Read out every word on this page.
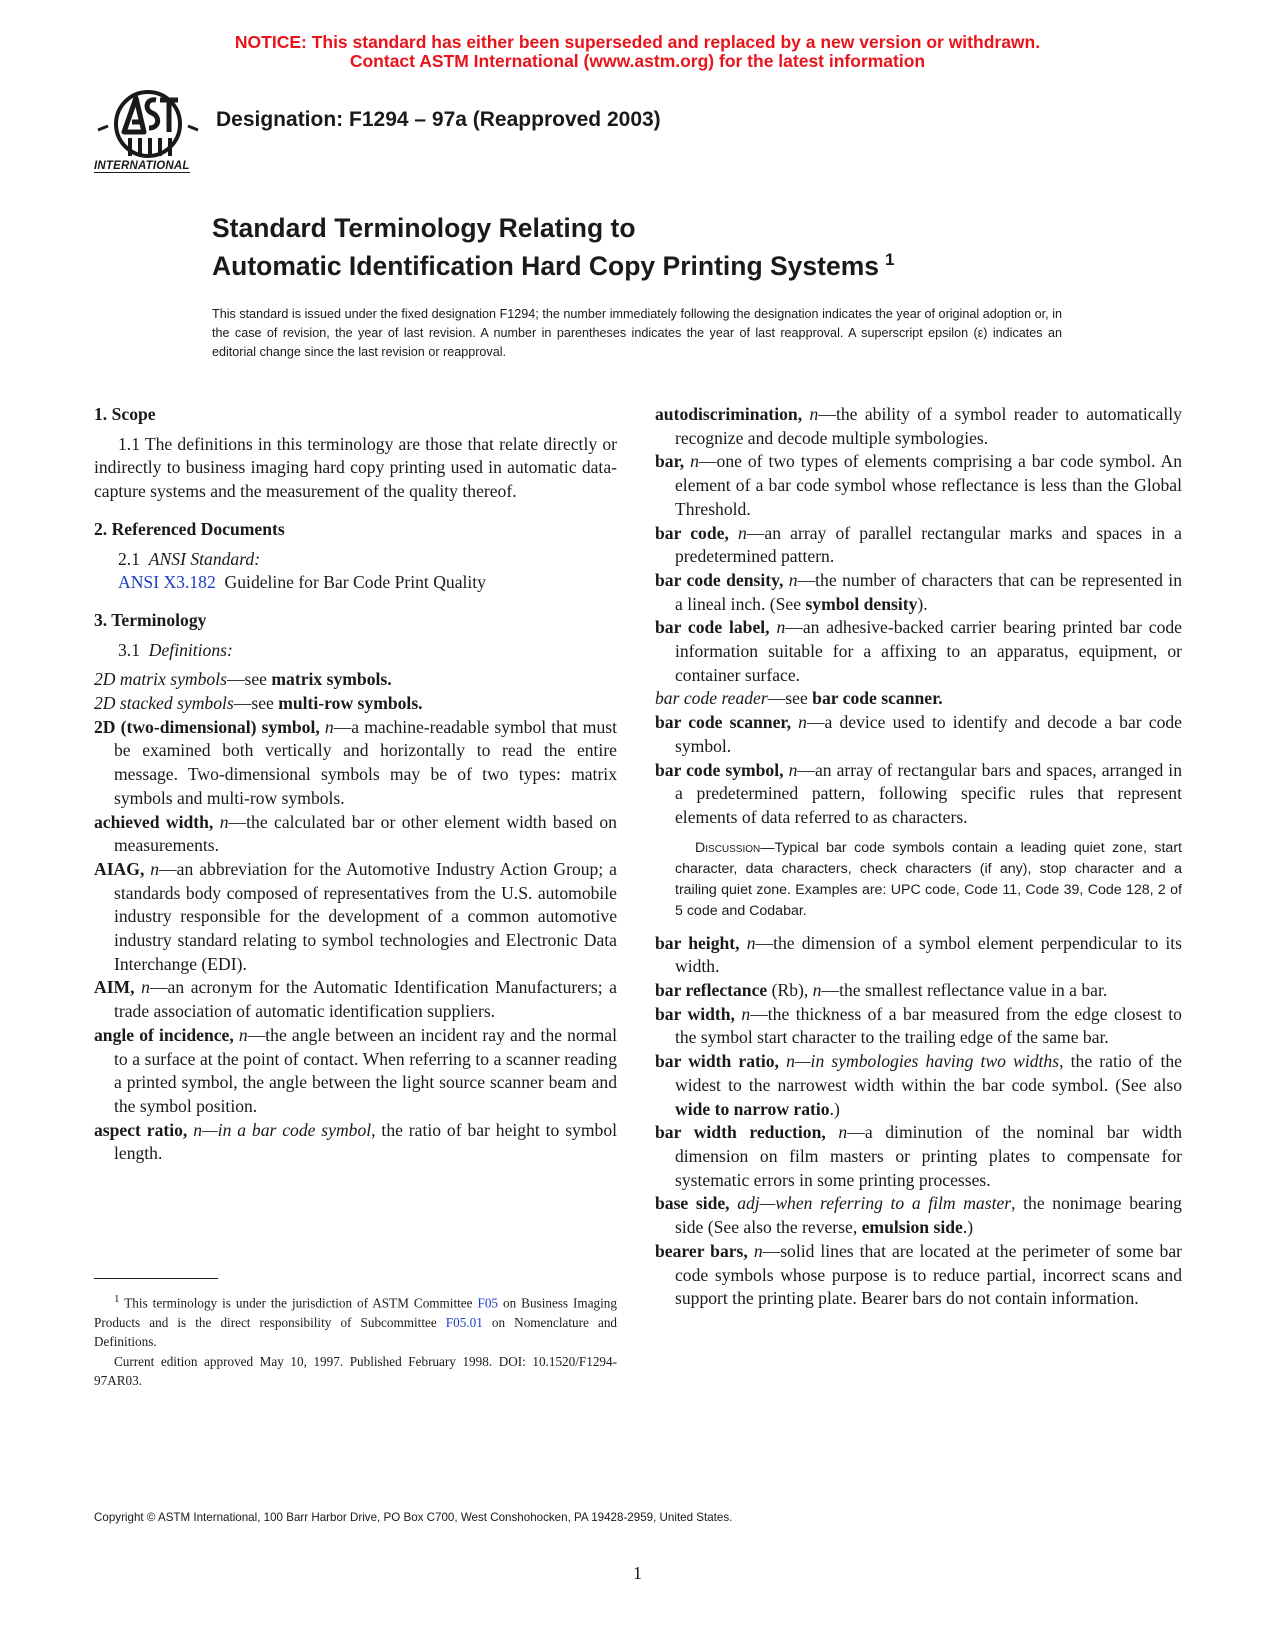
NOTICE: This standard has either been superseded and replaced by a new version or withdrawn.
Contact ASTM International (www.astm.org) for the latest information
INTERNATIONAL
Designation: F1294 – 97a (Reapproved 2003)
Standard Terminology Relating to
Automatic Identification Hard Copy Printing Systems $^1$
This standard is issued under the fixed designation F1294; the number immediately following the designation indicates the year of original adoption or, in the case of revision, the year of last revision. A number in parentheses indicates the year of last reapproval. A superscript epsilon (ε) indicates an editorial change since the last revision or reapproval.

1. Scope

1.1 The definitions in this terminology are those that relate directly or indirectly to business imaging hard copy printing used in automatic data-capture systems and the measurement of the quality thereof.

2. Referenced Documents

2.1 ANSI Standard:

ANSI X3.182 Guideline for Bar Code Print Quality

3. Terminology

3.1 Definitions:

2D matrix symbols—see matrix symbols.

2D stacked symbols—see multi-row symbols.

2D (two-dimensional) symbol, n—a machine-readable symbol that must be examined both vertically and horizontally to read the entire message. Two-dimensional symbols may be of two types: matrix symbols and multi-row symbols.

achieved width, n—the calculated bar or other element width based on measurements.

AIAG, n—an abbreviation for the Automotive Industry Action Group; a standards body composed of representatives from the U.S. automobile industry responsible for the development of a common automotive industry standard relating to symbol technologies and Electronic Data Interchange (EDI).

AIM, n—an acronym for the Automatic Identification Manufacturers; a trade association of automatic identification suppliers.

angle of incidence, n—the angle between an incident ray and the normal to a surface at the point of contact. When referring to a scanner reading a printed symbol, the angle between the light source scanner beam and the symbol position.

aspect ratio, n—in a bar code symbol, the ratio of bar height to symbol length.

autodiscrimination, n—the ability of a symbol reader to automatically recognize and decode multiple symbologies.

bar, n—one of two types of elements comprising a bar code symbol. An element of a bar code symbol whose reflectance is less than the Global Threshold.

bar code, n—an array of parallel rectangular marks and spaces in a predetermined pattern.

bar code density, n—the number of characters that can be represented in a lineal inch. (See symbol density).

bar code label, n—an adhesive-backed carrier bearing printed bar code information suitable for a affixing to an apparatus, equipment, or container surface.

bar code reader—see bar code scanner.

bar code scanner, n—a device used to identify and decode a bar code symbol.

bar code symbol, n—an array of rectangular bars and spaces, arranged in a predetermined pattern, following specific rules that represent elements of data referred to as characters.

Discussion—Typical bar code symbols contain a leading quiet zone, start character, data characters, check characters (if any), stop character and a trailing quiet zone. Examples are: UPC code, Code 11, Code 39, Code 128, 2 of 5 code and Codabar.

bar height, n—the dimension of a symbol element perpendicular to its width.

bar reflectance (Rb), n—the smallest reflectance value in a bar.

bar width, n—the thickness of a bar measured from the edge closest to the symbol start character to the trailing edge of the same bar.

bar width ratio, n—in symbologies having two widths, the ratio of the widest to the narrowest width within the bar code symbol. (See also wide to narrow ratio.)

bar width reduction, n—a diminution of the nominal bar width dimension on film masters or printing plates to compensate for systematic errors in some printing processes.

base side, adj—when referring to a film master, the nonimage bearing side (See also the reverse, emulsion side.)

bearer bars, n—solid lines that are located at the perimeter of some bar code symbols whose purpose is to reduce partial, incorrect scans and support the printing plate. Bearer bars do not contain information.

$^1$ This terminology is under the jurisdiction of ASTM Committee F05 on Business Imaging Products and is the direct responsibility of Subcommittee F05.01 on Nomenclature and Definitions.

Current edition approved May 10, 1997. Published February 1998. DOI: 10.1520/F1294-97AR03.

Copyright © ASTM International, 100 Barr Harbor Drive, PO Box C700, West Conshohocken, PA 19428-2959, United States.
1
